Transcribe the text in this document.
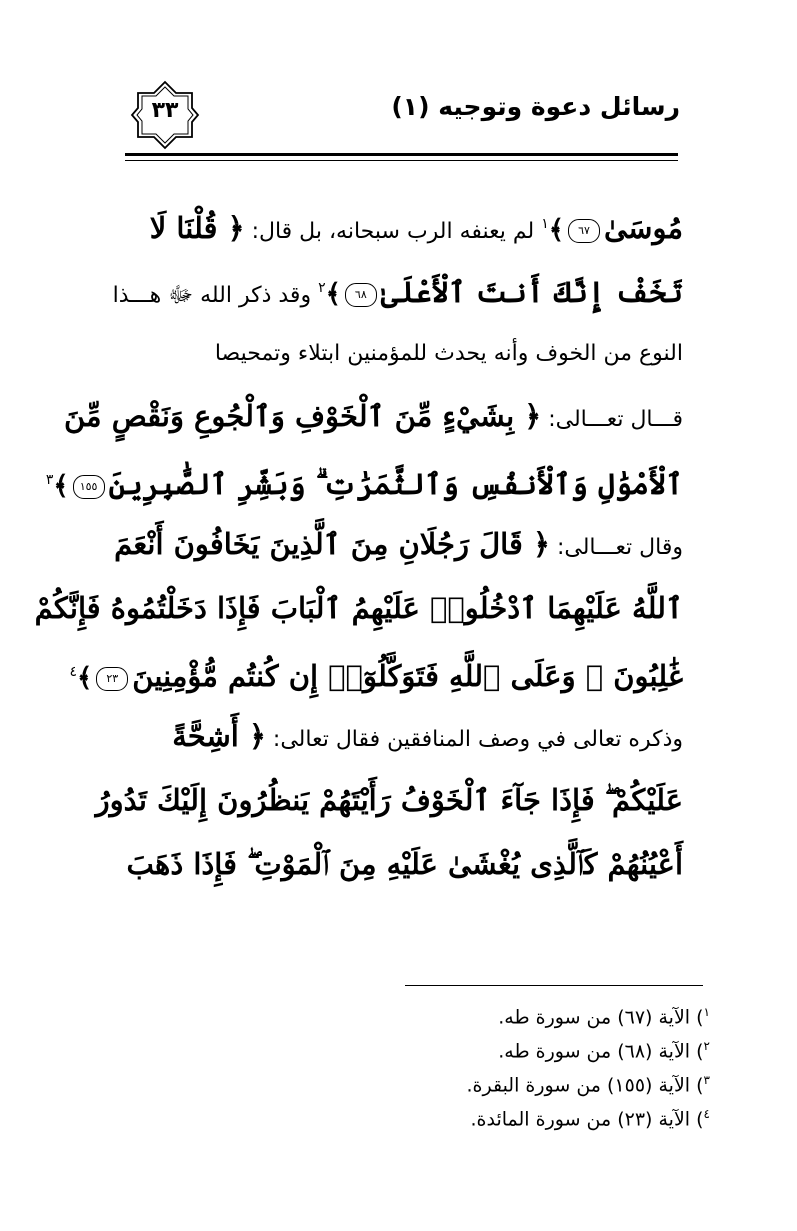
٣٣	رسائل دعوة وتوجيه (١)
مُوسَىٰ٦٧﴾$^١$ لم يعنفه الرب سبحانه، بل قال: ﴿ قُلْنَا لَا
تَخَفْ إِنَّكَ أَنتَ ٱلْأَعْلَىٰ٦٨﴾$^٢$ وقد ذكر الله ﷻ هـــذا
النوع من الخوف وأنه يحدث للمؤمنين ابتلاء وتمحيصا
قـــال تعـــالى: ﴿ بِشَيْءٍ مِّنَ ٱلْخَوْفِ وَٱلْجُوعِ وَنَقْصٍ مِّنَ
ٱلْأَمْوَٰلِ وَٱلْأَنفُسِ وَٱلثَّمَرَٰتِ ۗ وَبَشِّرِ ٱلصَّٰبِرِينَ١٥٥﴾$^٣$
وقال تعـــالى: ﴿ قَالَ رَجُلَانِ مِنَ ٱلَّذِينَ يَخَافُونَ أَنْعَمَ
ٱللَّهُ عَلَيْهِمَا ٱدْخُلُوا۟ عَلَيْهِمُ ٱلْبَابَ فَإِذَا دَخَلْتُمُوهُ فَإِنَّكُمْ
غَٰلِبُونَ ۚ وَعَلَى ٱللَّهِ فَتَوَكَّلُوٓا۟ إِن كُنتُم مُّؤْمِنِينَ٢٣﴾$^٤$
وذكره تعالى في وصف المنافقين فقال تعالى: ﴿ أَشِحَّةً
عَلَيْكُمْ ۖ فَإِذَا جَآءَ ٱلْخَوْفُ رَأَيْتَهُمْ يَنظُرُونَ إِلَيْكَ تَدُورُ
أَعْيُنُهُمْ كَٱلَّذِى يُغْشَىٰ عَلَيْهِ مِنَ ٱلْمَوْتِ ۖ فَإِذَا ذَهَبَ
$^١$) الآية (٦٧) من سورة طه.
$^٢$) الآية (٦٨) من سورة طه.
$^٣$) الآية (١٥٥) من سورة البقرة.
$^٤$) الآية (٢٣) من سورة المائدة.
